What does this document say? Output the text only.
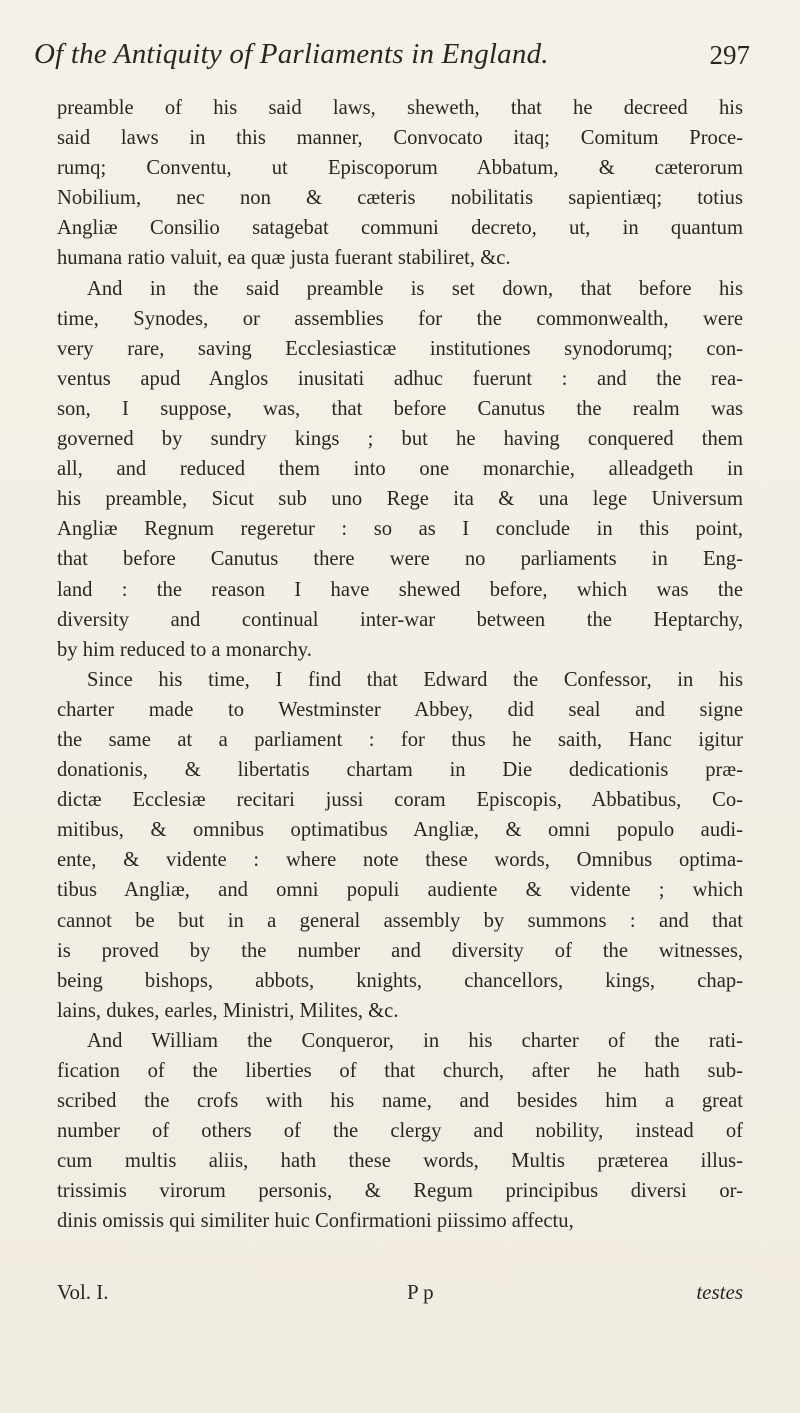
Of the Antiquity of Parliaments in England.	297
preamble of his said laws, sheweth, that he decreed his
said laws in this manner, Convocato itaq; Comitum Proce-
rumq; Conventu, ut Episcoporum Abbatum, & cæterorum
Nobilium, nec non & cæteris nobilitatis sapientiæq; totius
Angliæ Consilio satagebat communi decreto, ut, in quantum
humana ratio valuit, ea quæ justa fuerant stabiliret, &c.
And in the said preamble is set down, that before his
time, Synodes, or assemblies for the commonwealth, were
very rare, saving Ecclesiasticæ institutiones synodorumq; con-
ventus apud Anglos inusitati adhuc fuerunt : and the rea-
son, I suppose, was, that before Canutus the realm was
governed by sundry kings ; but he having conquered them
all, and reduced them into one monarchie, alleadgeth in
his preamble, Sicut sub uno Rege ita & una lege Universum
Angliæ Regnum regeretur : so as I conclude in this point,
that before Canutus there were no parliaments in Eng-
land : the reason I have shewed before, which was the
diversity and continual inter-war between the Heptarchy,
by him reduced to a monarchy.
Since his time, I find that Edward the Confessor, in his
charter made to Westminster Abbey, did seal and signe
the same at a parliament : for thus he saith, Hanc igitur
donationis, & libertatis chartam in Die dedicationis præ-
dictæ Ecclesiæ recitari jussi coram Episcopis, Abbatibus, Co-
mitibus, & omnibus optimatibus Angliæ, & omni populo audi-
ente, & vidente : where note these words, Omnibus optima-
tibus Angliæ, and omni populi audiente & vidente ; which
cannot be but in a general assembly by summons : and that
is proved by the number and diversity of the witnesses,
being bishops, abbots, knights, chancellors, kings, chap-
lains, dukes, earles, Ministri, Milites, &c.
And William the Conqueror, in his charter of the rati-
fication of the liberties of that church, after he hath sub-
scribed the crofs with his name, and besides him a great
number of others of the clergy and nobility, instead of
cum multis aliis, hath these words, Multis prætereа illus-
trissimis virorum personis, & Regum principibus diversi or-
dinis omissis qui similiter huic Confirmationi piissimo affectu,
Vol. I.	P p	testes
